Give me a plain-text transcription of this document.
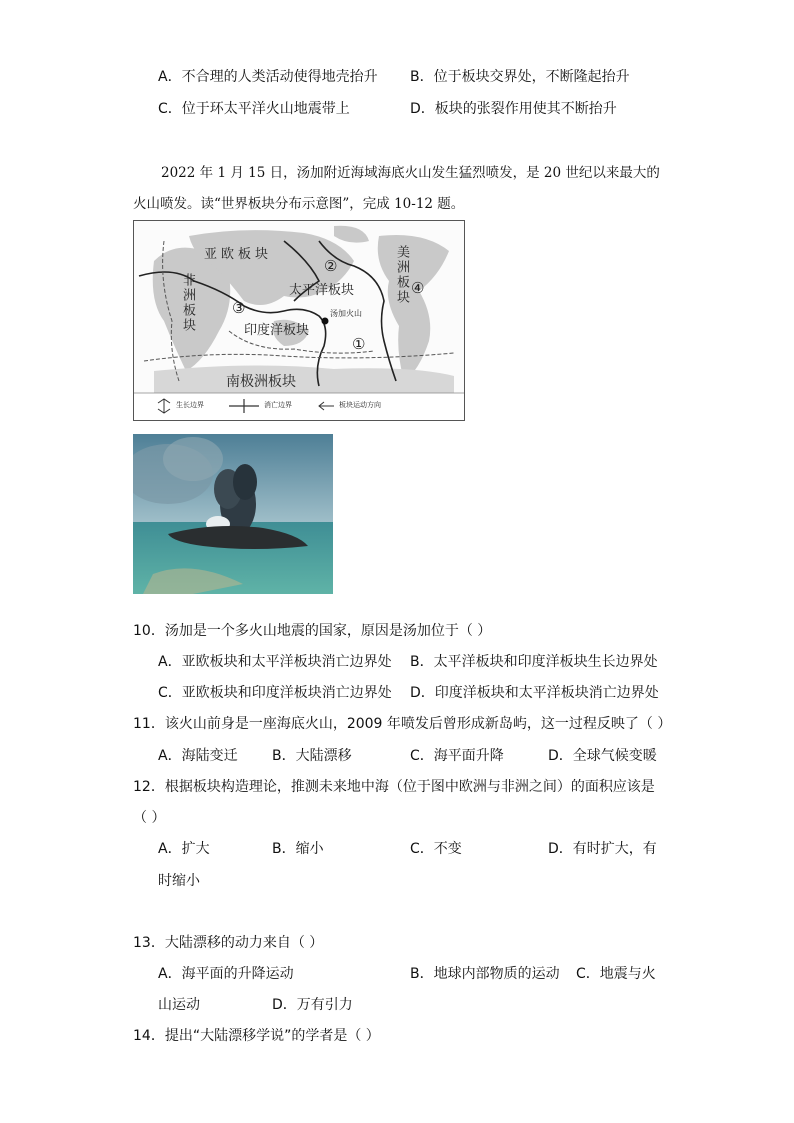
A．不合理的人类活动使得地壳抬升 B．位于板块交界处，不断隆起抬升
C．位于环太平洋火山地震带上	D．板块的张裂作用使其不断抬升
2022 年 1 月 15 日，汤加附近海域海底火山发生猛烈喷发，是 20 世纪以来最大的
火山喷发。读“世界板块分布示意图”，完成 10-12 题。
亚欧板块
非洲板块	太平洋板块	美洲板块
印度洋板块
南极洲板块
汤加火山
①
②
③
④
生长边界	消亡边界	板块运动方向
10．汤加是一个多火山地震的国家，原因是汤加位于（ ）
A．亚欧板块和太平洋板块消亡边界处 B．太平洋板块和印度洋板块生长边界处
C．亚欧板块和印度洋板块消亡边界处 D．印度洋板块和太平洋板块消亡边界处
11．该火山前身是一座海底火山，2009 年喷发后曾形成新岛屿，这一过程反映了（ ）
A．海陆变迁 B．大陆漂移	C．海平面升降	D．全球气候变暖
12．根据板块构造理论，推测未来地中海（位于图中欧洲与非洲之间）的面积应该是
（ ）
A．扩大	B．缩小	C．不变	D．有时扩大，有
时缩小
13．大陆漂移的动力来自（ ）
A．海平面的升降运动	B．地球内部物质的运动 C．地震与火
山运动	D．万有引力
14．提出“大陆漂移学说”的学者是（ ）
